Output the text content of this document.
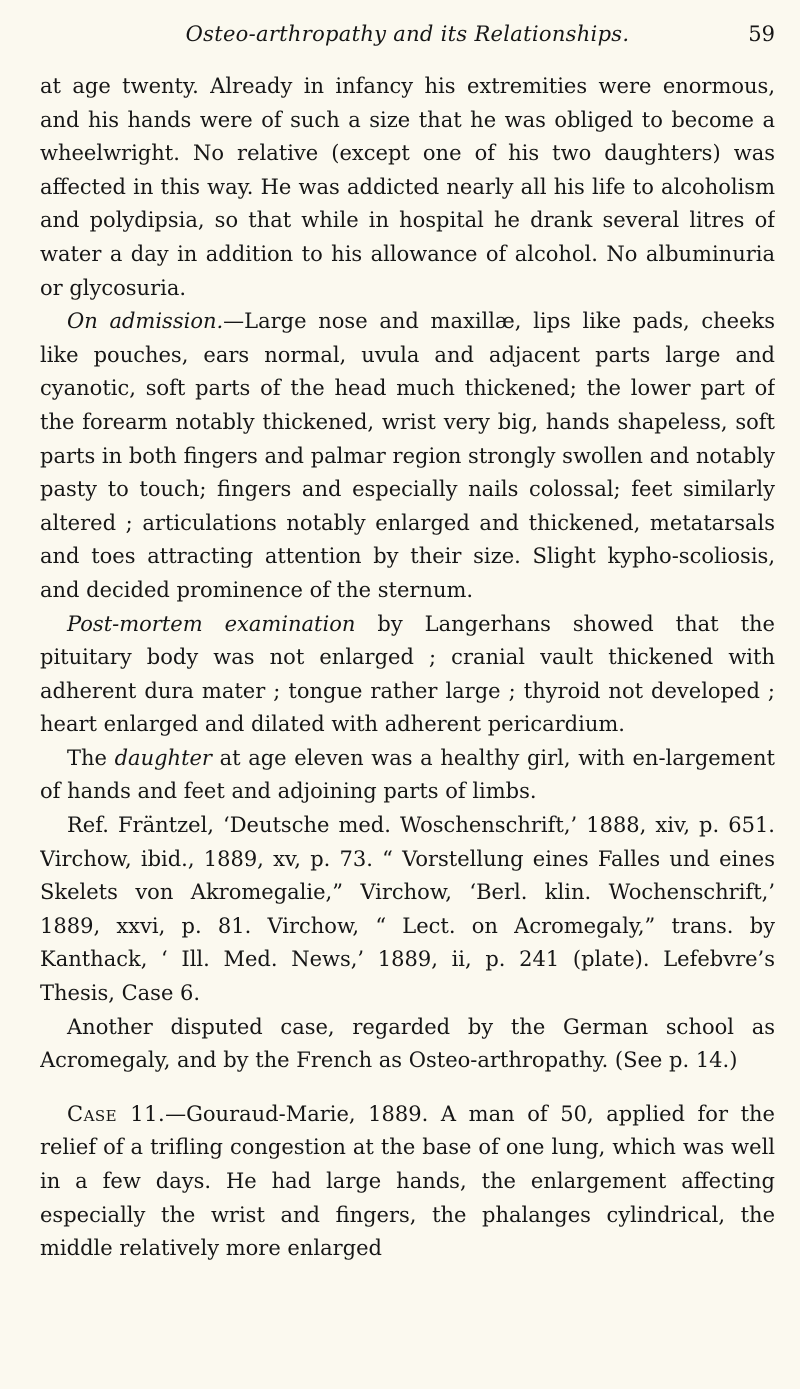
Osteo-arthropathy and its Relationships.	59

at age twenty. Already in infancy his extremities were enormous, and his hands were of such a size that he was obliged to become a wheelwright. No relative (except one of his two daughters) was affected in this way. He was addicted nearly all his life to alcoholism and polydipsia, so that while in hospital he drank several litres of water a day in addition to his allowance of alcohol. No albuminuria or glycosuria.

On admission.—Large nose and maxillæ, lips like pads, cheeks like pouches, ears normal, uvula and adjacent parts large and cyanotic, soft parts of the head much thickened; the lower part of the forearm notably thickened, wrist very big, hands shapeless, soft parts in both fingers and palmar region strongly swollen and notably pasty to touch; fingers and especially nails colossal; feet similarly altered ; articulations notably enlarged and thickened, metatarsals and toes attracting attention by their size. Slight kypho-scoliosis, and decided prominence of the sternum.

Post-mortem examination by Langerhans showed that the pituitary body was not enlarged ; cranial vault thickened with adherent dura mater ; tongue rather large ; thyroid not developed ; heart enlarged and dilated with adherent pericardium.

The daughter at age eleven was a healthy girl, with en-largement of hands and feet and adjoining parts of limbs.

Ref. Fräntzel, ‘Deutsche med. Woschenschrift,’ 1888, xiv, p. 651. Virchow, ibid., 1889, xv, p. 73. “ Vorstellung eines Falles und eines Skelets von Akromegalie,” Virchow, ‘Berl. klin. Wochenschrift,’ 1889, xxvi, p. 81. Virchow, “ Lect. on Acromegaly,” trans. by Kanthack, ‘ Ill. Med. News,’ 1889, ii, p. 241 (plate). Lefebvre’s Thesis, Case 6.

Another disputed case, regarded by the German school as Acromegaly, and by the French as Osteo-arthropathy. (See p. 14.)

Case 11.—Gouraud-Marie, 1889. A man of 50, applied for the relief of a trifling congestion at the base of one lung, which was well in a few days. He had large hands, the enlargement affecting especially the wrist and fingers, the phalanges cylindrical, the middle relatively more enlarged
